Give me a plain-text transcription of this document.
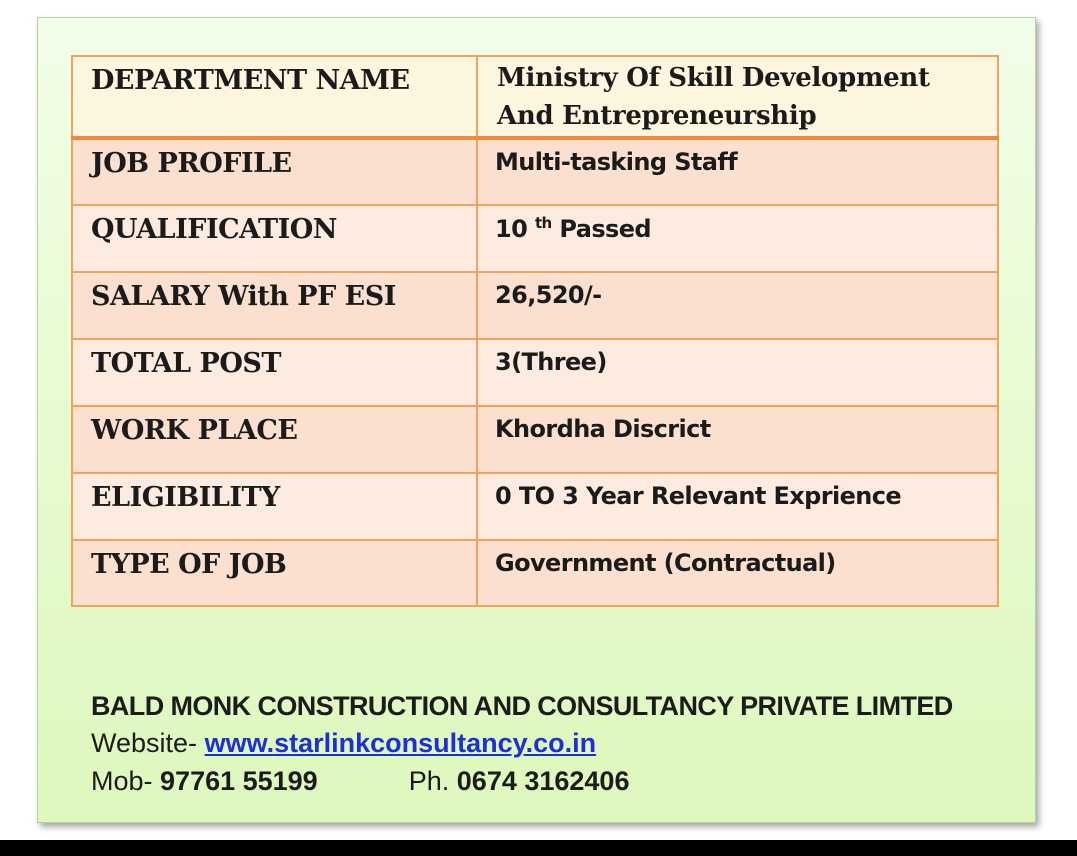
DEPARTMENT NAME	Ministry Of Skill Development
And Entrepreneurship

JOB PROFILE	Multi-tasking Staff
QUALIFICATION	10 $^{th}$ Passed
SALARY With PF ESI	26,520/-
TOTAL POST	3(Three)
WORK PLACE	Khordha Discrict
ELIGIBILITY	0 TO 3 Year Relevant Exprience
TYPE OF JOB	Government (Contractual)
BALD MONK CONSTRUCTION AND CONSULTANCY PRIVATE LIMTED
Website- www.starlinkconsultancy.co.in
Mob- 97761 55199	Ph. 0674 3162406
